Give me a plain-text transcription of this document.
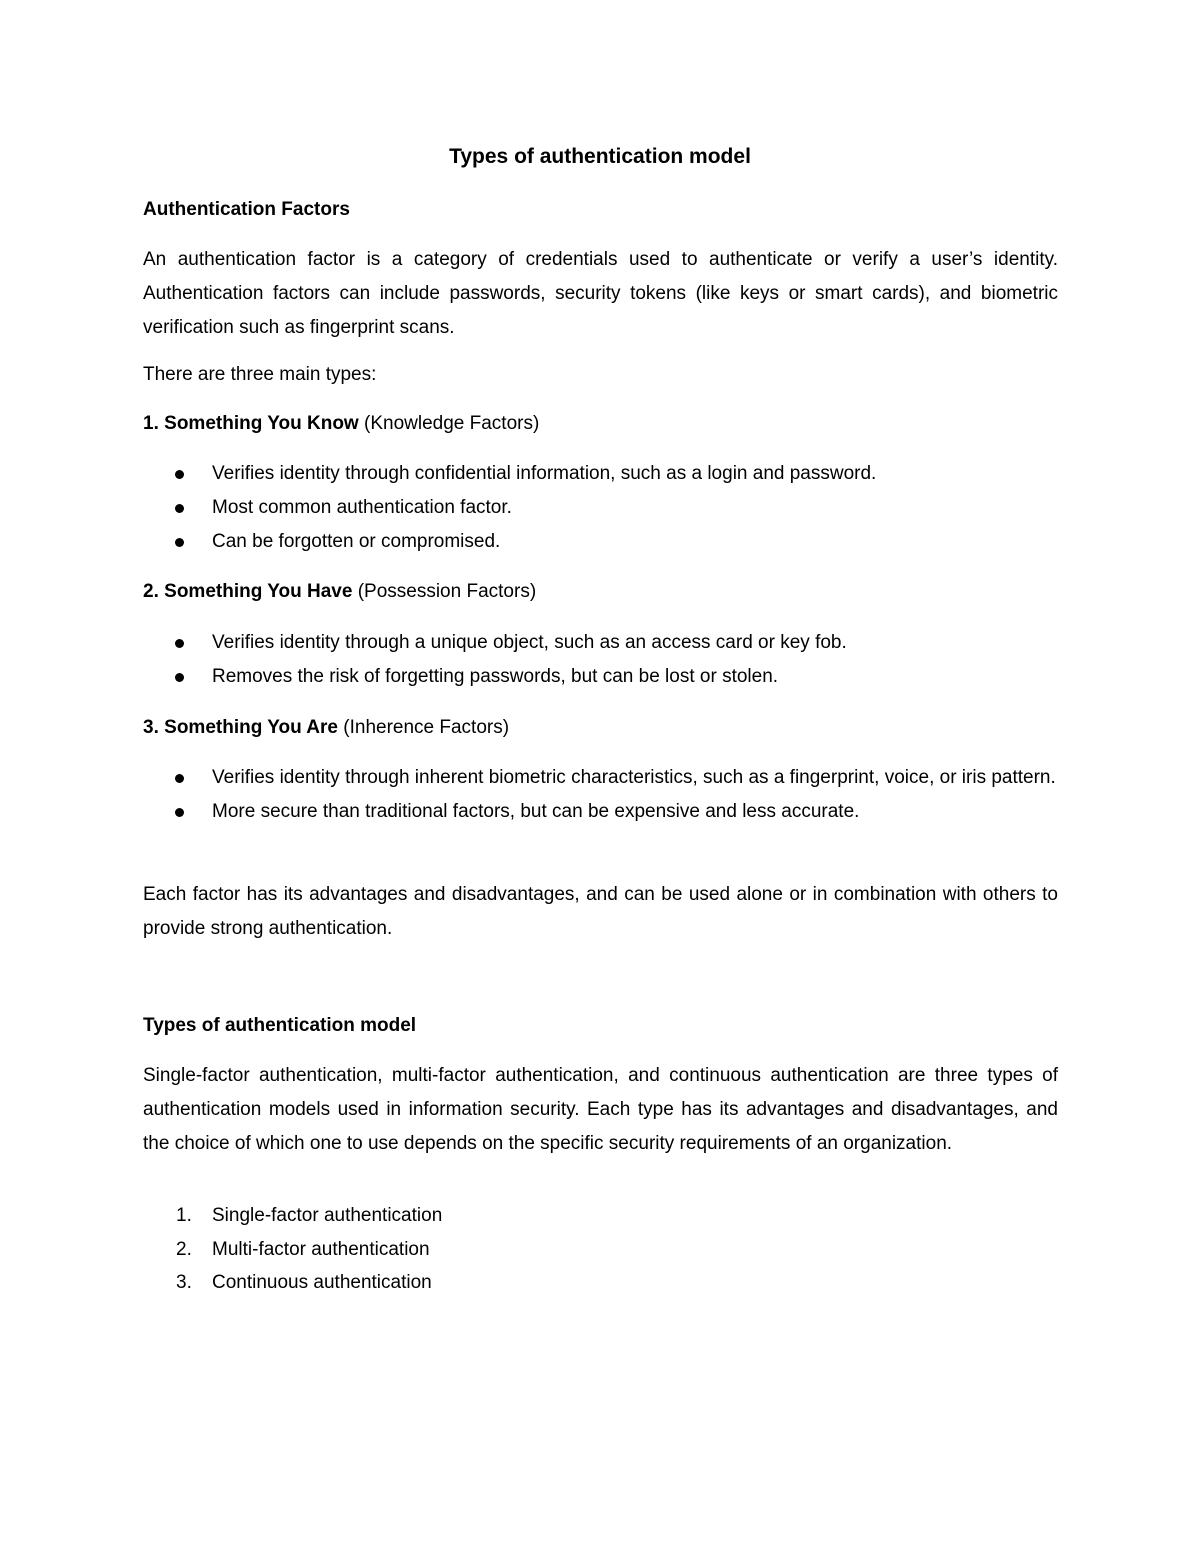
Types of authentication model
Authentication Factors

An authentication factor is a category of credentials used to authenticate or verify a user’s identity. Authentication factors can include passwords, security tokens (like keys or smart cards), and biometric verification such as fingerprint scans.

There are three main types:

1. Something You Know (Knowledge Factors)

Verifies identity through confidential information, such as a login and password.
Most common authentication factor.
Can be forgotten or compromised.

2. Something You Have (Possession Factors)

Verifies identity through a unique object, such as an access card or key fob.
Removes the risk of forgetting passwords, but can be lost or stolen.

3. Something You Are (Inherence Factors)

Verifies identity through inherent biometric characteristics, such as a fingerprint, voice, or iris pattern.
More secure than traditional factors, but can be expensive and less accurate.

Each factor has its advantages and disadvantages, and can be used alone or in combination with others to provide strong authentication.

Types of authentication model

Single-factor authentication, multi-factor authentication, and continuous authentication are three types of authentication models used in information security. Each type has its advantages and disadvantages, and the choice of which one to use depends on the specific security requirements of an organization.

1. Single-factor authentication
2. Multi-factor authentication
3. Continuous authentication
